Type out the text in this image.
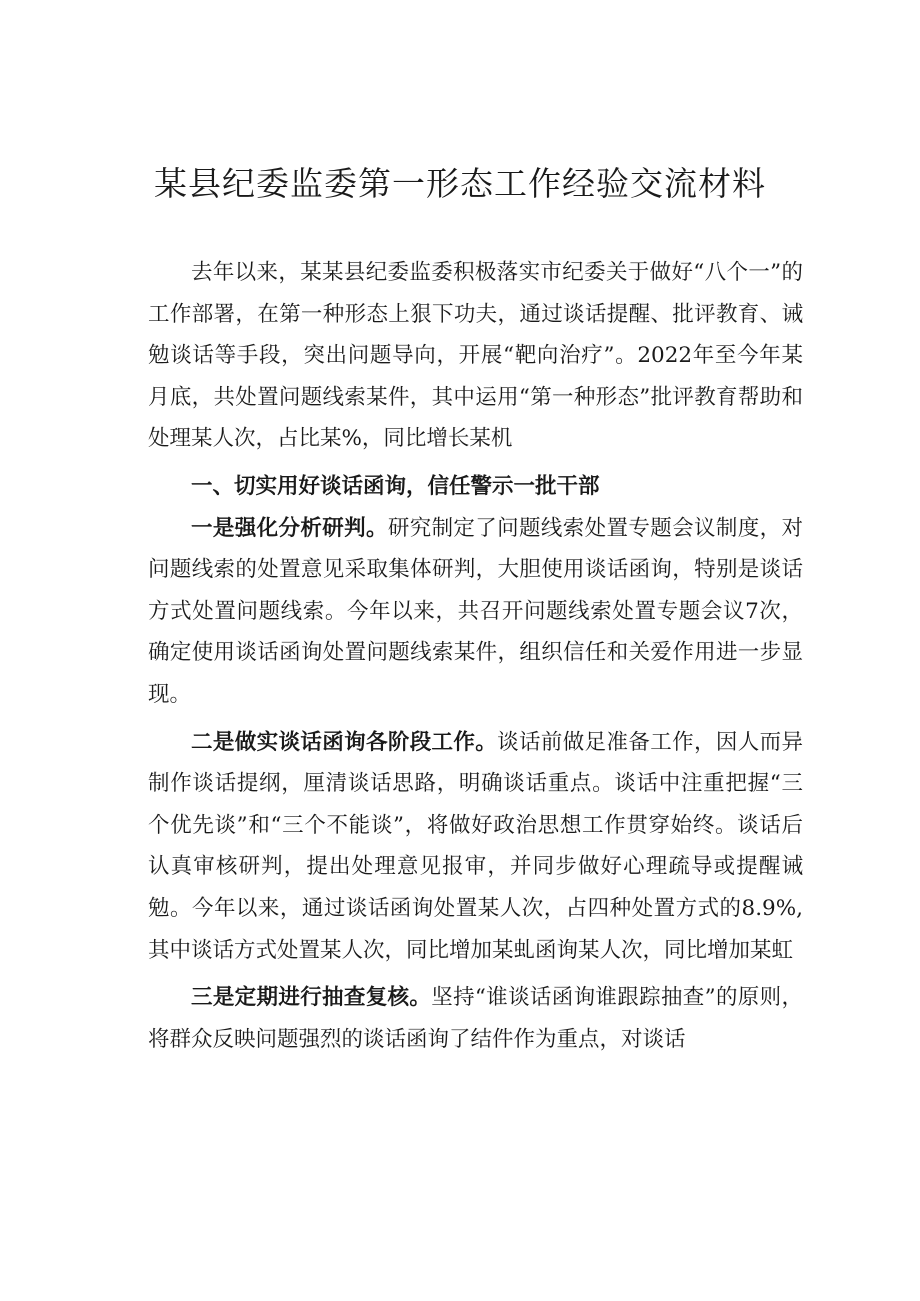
某县纪委监委第一形态工作经验交流材料

去年以来，某某县纪委监委积极落实市纪委关于做好“八个一”的工作部署，在第一种形态上狠下功夫，通过谈话提醒、批评教育、诫勉谈话等手段，突出问题导向，开展“靶向治疗”。2022年至今年某月底，共处置问题线索某件，其中运用“第一种形态”批评教育帮助和处理某人次，占比某%，同比增长某机

一、切实用好谈话函询，信任警示一批干部

一是强化分析研判。研究制定了问题线索处置专题会议制度，对问题线索的处置意见采取集体研判，大胆使用谈话函询，特别是谈话方式处置问题线索。今年以来，共召开问题线索处置专题会议7次，确定使用谈话函询处置问题线索某件，组织信任和关爱作用进一步显现。

二是做实谈话函询各阶段工作。谈话前做足准备工作，因人而异制作谈话提纲，厘清谈话思路，明确谈话重点。谈话中注重把握“三个优先谈”和“三个不能谈”，将做好政治思想工作贯穿始终。谈话后认真审核研判，提出处理意见报审，并同步做好心理疏导或提醒诫勉。今年以来，通过谈话函询处置某人次，占四种处置方式的8.9%,其中谈话方式处置某人次，同比增加某虬函询某人次，同比增加某虹

三是定期进行抽查复核。坚持“谁谈话函询谁跟踪抽查”的原则，将群众反映问题强烈的谈话函询了结件作为重点，对谈话
